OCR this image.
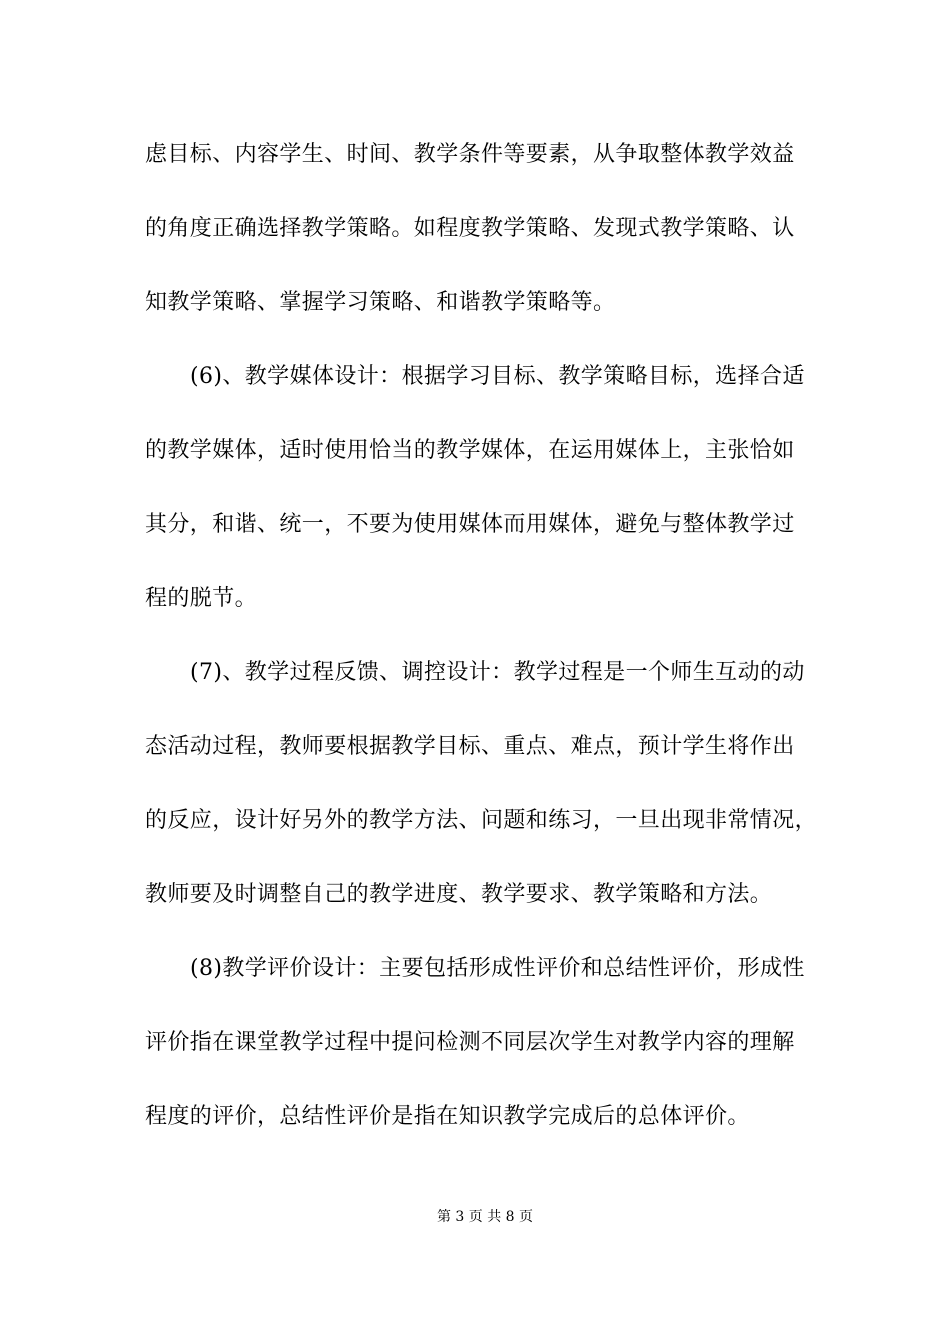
虑目标、内容学生、时间、教学条件等要素，从争取整体教学效益
的角度正确选择教学策略。如程度教学策略、发现式教学策略、认
知教学策略、掌握学习策略、和谐教学策略等。
(6)、教学媒体设计：根据学习目标、教学策略目标，选择合适
的教学媒体，适时使用恰当的教学媒体，在运用媒体上，主张恰如
其分，和谐、统一，不要为使用媒体而用媒体，避免与整体教学过
程的脱节。
(7)、教学过程反馈、调控设计：教学过程是一个师生互动的动
态活动过程，教师要根据教学目标、重点、难点，预计学生将作出
的反应，设计好另外的教学方法、问题和练习，一旦出现非常情况，
教师要及时调整自己的教学进度、教学要求、教学策略和方法。
(8)教学评价设计：主要包括形成性评价和总结性评价，形成性
评价指在课堂教学过程中提问检测不同层次学生对教学内容的理解
程度的评价，总结性评价是指在知识教学完成后的总体评价。
第 3 页 共 8 页
